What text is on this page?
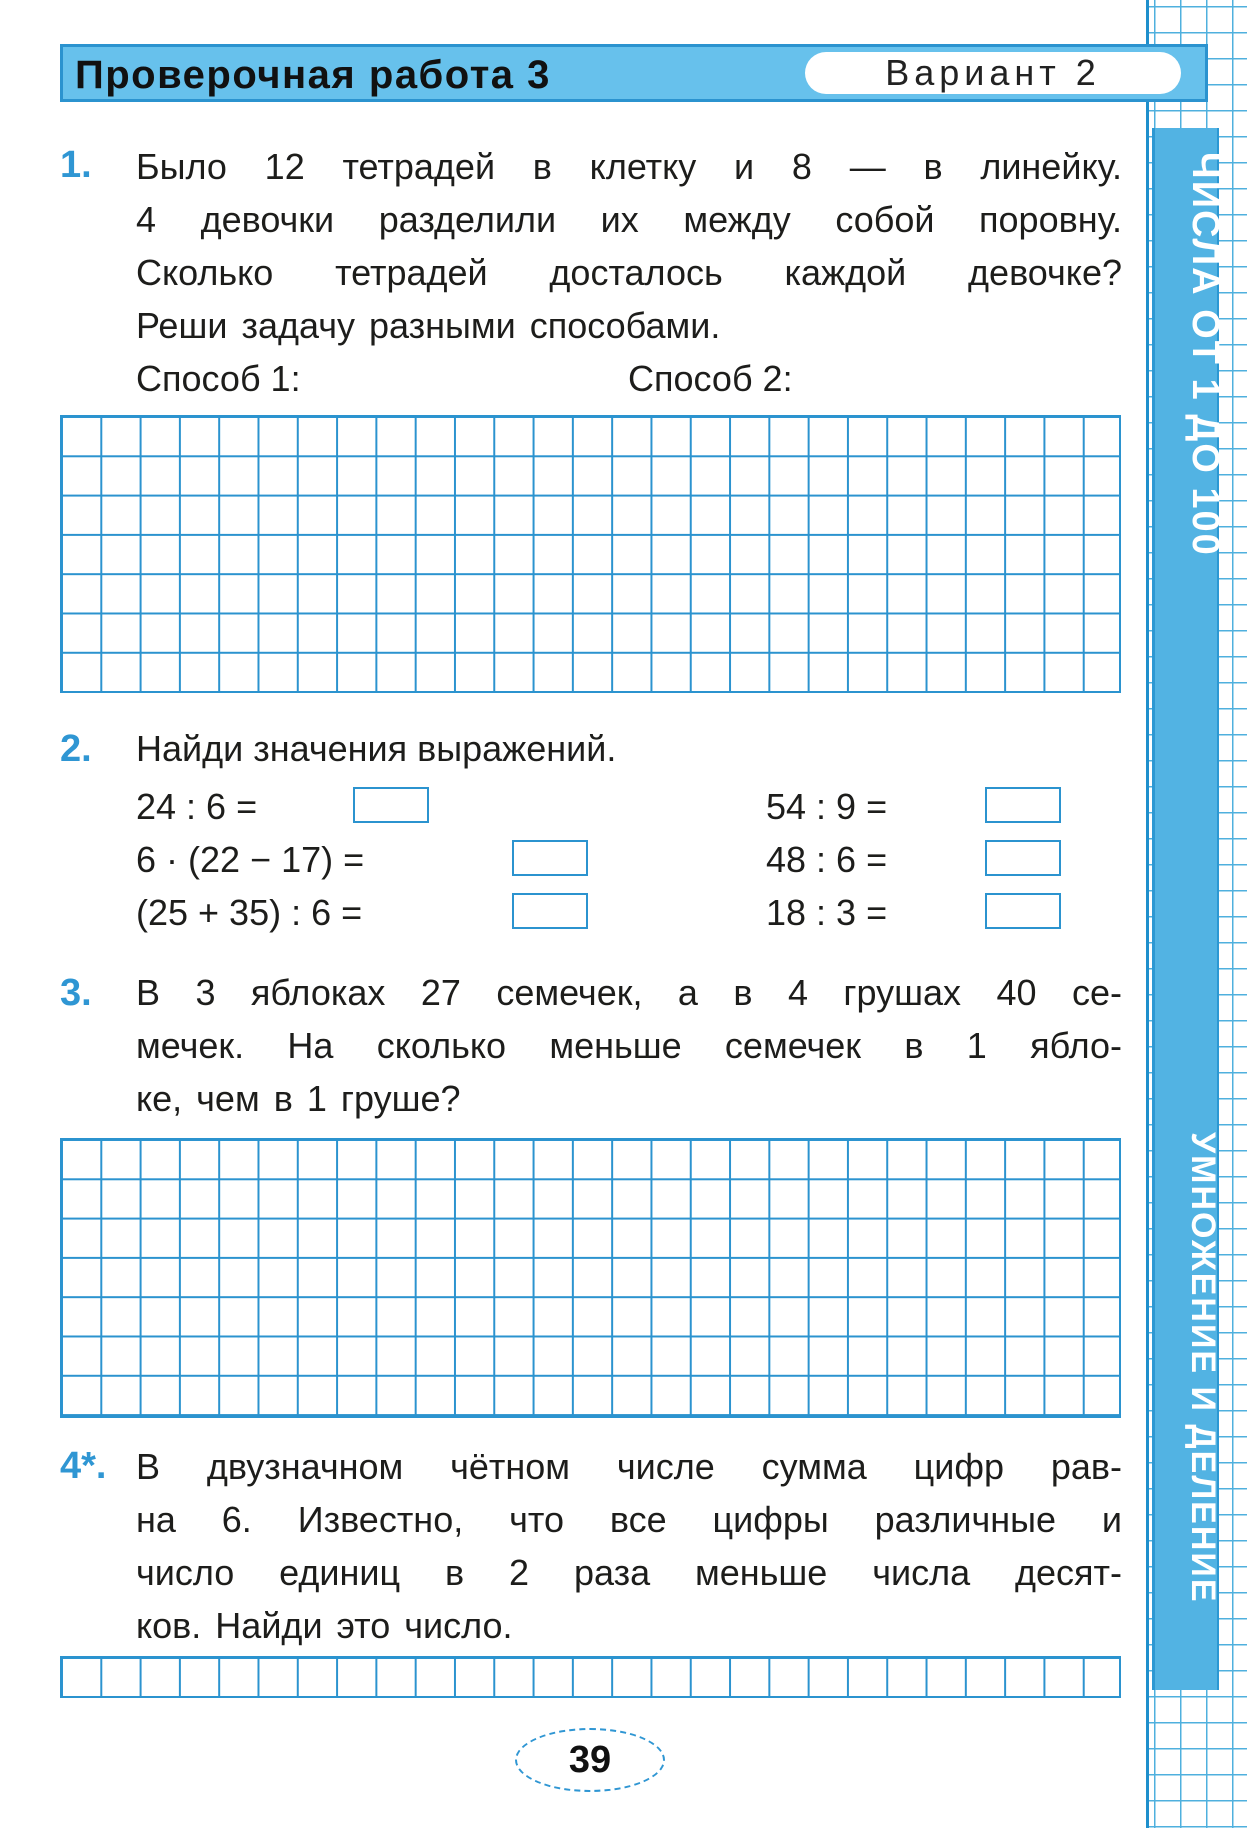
ЧИСЛА ОТ 1 ДО 100
УМНОЖЕНИЕ И ДЕЛЕНИЕ
Проверочная работа 3	Вариант 2
1. Было 12 тетрадей в клетку и 8 — в линейку.
4 девочки разделили их между собой поровну.
Сколько тетрадей досталось каждой девочке?
Реши задачу разными способами.
Способ 1:	Способ 2:
2. Найди значения выражений.
24 : 6 =
6 · (22 − 17) =
(25 + 35) : 6 =
54 : 9 =
48 : 6 =
18 : 3 =
3. В 3 яблоках 27 семечек, а в 4 грушах 40 се-
мечек. На сколько меньше семечек в 1 ябло-
ке, чем в 1 груше?
4*. В двузначном чётном числе сумма цифр рав-
на 6. Известно, что все цифры различные и
число единиц в 2 раза меньше числа десят-
ков. Найди это число.
39
